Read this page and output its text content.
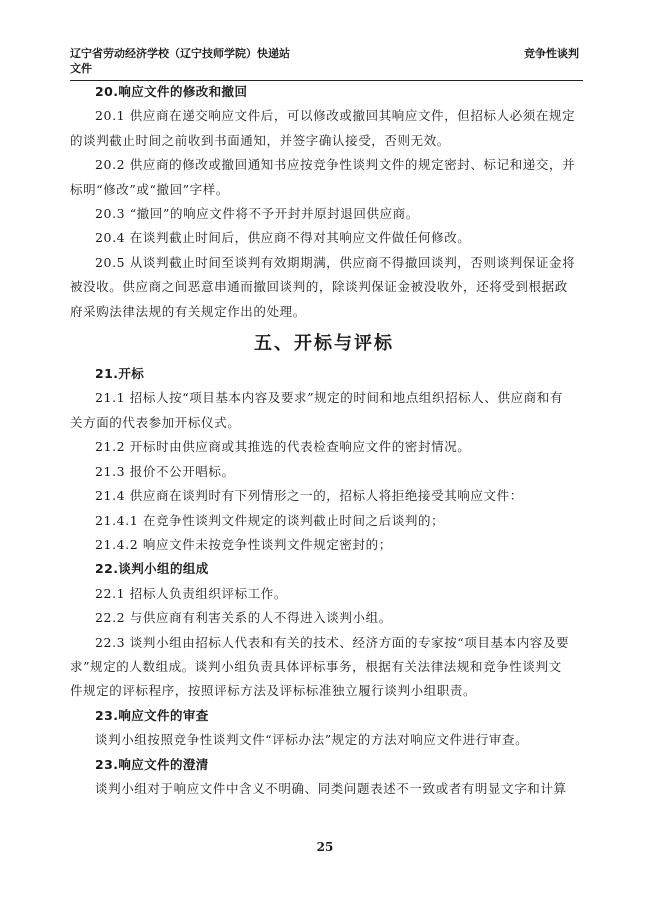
辽宁省劳动经济学校（辽宁技师学院）快递站
文件
竞争性谈判

20.响应文件的修改和撤回

20.1 供应商在递交响应文件后，可以修改或撤回其响应文件，但招标人必须在规定

的谈判截止时间之前收到书面通知，并签字确认接受，否则无效。

20.2 供应商的修改或撤回通知书应按竞争性谈判文件的规定密封、标记和递交，并

标明“修改”或“撤回”字样。

20.3 “撤回”的响应文件将不予开封并原封退回供应商。

20.4 在谈判截止时间后，供应商不得对其响应文件做任何修改。

20.5 从谈判截止时间至谈判有效期期满，供应商不得撤回谈判，否则谈判保证金将

被没收。供应商之间恶意串通而撤回谈判的，除谈判保证金被没收外，还将受到根据政

府采购法律法规的有关规定作出的处理。

五、开标与评标

21.开标

21.1 招标人按“项目基本内容及要求”规定的时间和地点组织招标人、供应商和有

关方面的代表参加开标仪式。

21.2 开标时由供应商或其推选的代表检查响应文件的密封情况。

21.3 报价不公开唱标。

21.4 供应商在谈判时有下列情形之一的，招标人将拒绝接受其响应文件：

21.4.1 在竞争性谈判文件规定的谈判截止时间之后谈判的；

21.4.2 响应文件未按竞争性谈判文件规定密封的；

22.谈判小组的组成

22.1 招标人负责组织评标工作。

22.2 与供应商有利害关系的人不得进入谈判小组。

22.3 谈判小组由招标人代表和有关的技术、经济方面的专家按“项目基本内容及要

求”规定的人数组成。谈判小组负责具体评标事务，根据有关法律法规和竞争性谈判文

件规定的评标程序，按照评标方法及评标标准独立履行谈判小组职责。

23.响应文件的审查

谈判小组按照竞争性谈判文件“评标办法”规定的方法对响应文件进行审查。

23.响应文件的澄清

谈判小组对于响应文件中含义不明确、同类问题表述不一致或者有明显文字和计算

25
